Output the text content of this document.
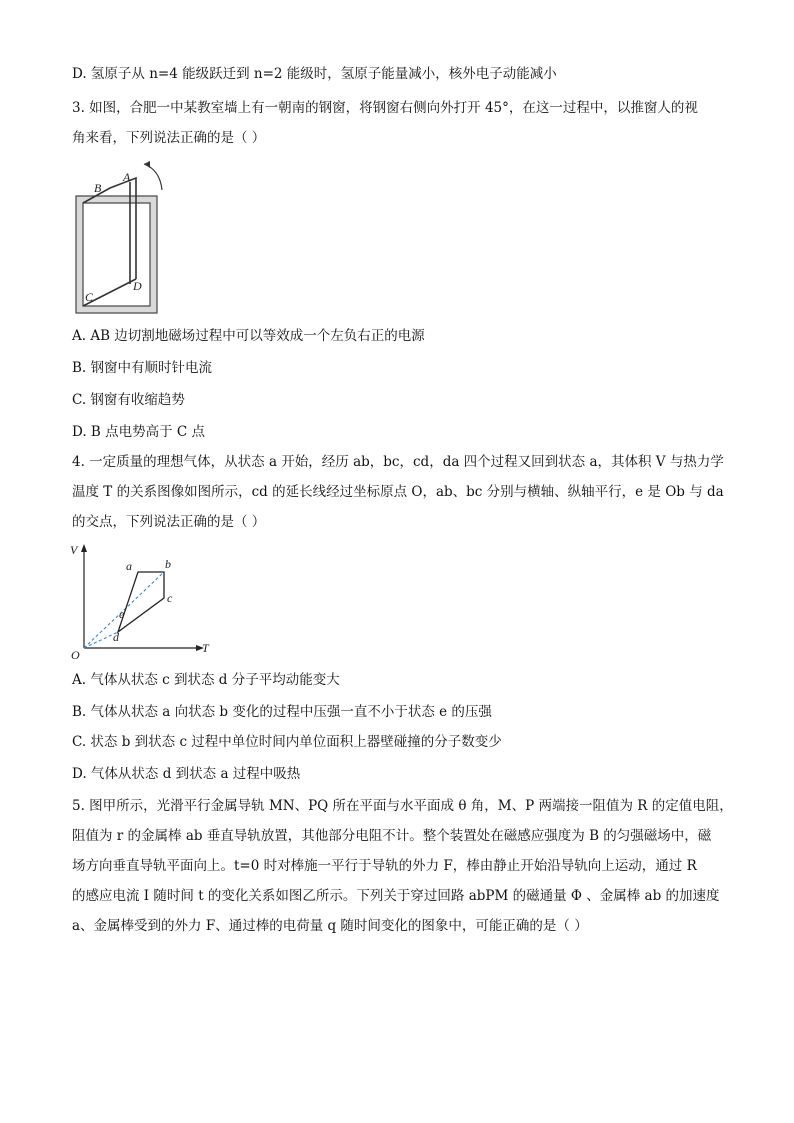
D. 氢原子从 n=4 能级跃迁到 n=2 能级时，氢原子能量减小，核外电子动能减小
3. 如图，合肥一中某教室墙上有一朝南的钢窗，将钢窗右侧向外打开 45°，在这一过程中，以推窗人的视
角来看，下列说法正确的是（ ）
B
A
C
D
A. AB 边切割地磁场过程中可以等效成一个左负右正的电源
B. 钢窗中有顺时针电流
C. 钢窗有收缩趋势
D. B 点电势高于 C 点
4. 一定质量的理想气体，从状态 a 开始，经历 ab，bc，cd，da 四个过程又回到状态 a，其体积 V 与热力学
温度 T 的关系图像如图所示，cd 的延长线经过坐标原点 O，ab、bc 分别与横轴、纵轴平行，e 是 Ob 与 da
的交点，下列说法正确的是（ ）
V
T
O
a	b
c
d
e
A. 气体从状态 c 到状态 d 分子平均动能变大
B. 气体从状态 a 向状态 b 变化的过程中压强一直不小于状态 e 的压强
C. 状态 b 到状态 c 过程中单位时间内单位面积上器壁碰撞的分子数变少
D. 气体从状态 d 到状态 a 过程中吸热
5. 图甲所示，光滑平行金属导轨 MN、PQ 所在平面与水平面成 θ 角，M、P 两端接一阻值为 R 的定值电阻，
阻值为 r 的金属棒 ab 垂直导轨放置，其他部分电阻不计。整个装置处在磁感应强度为 B 的匀强磁场中，磁
场方向垂直导轨平面向上。t=0 时对棒施一平行于导轨的外力 F，棒由静止开始沿导轨向上运动，通过 R
的感应电流 I 随时间 t 的变化关系如图乙所示。下列关于穿过回路 abPM 的磁通量 Φ 、金属棒 ab 的加速度
a、金属棒受到的外力 F、通过棒的电荷量 q 随时间变化的图象中，可能正确的是（ ）
